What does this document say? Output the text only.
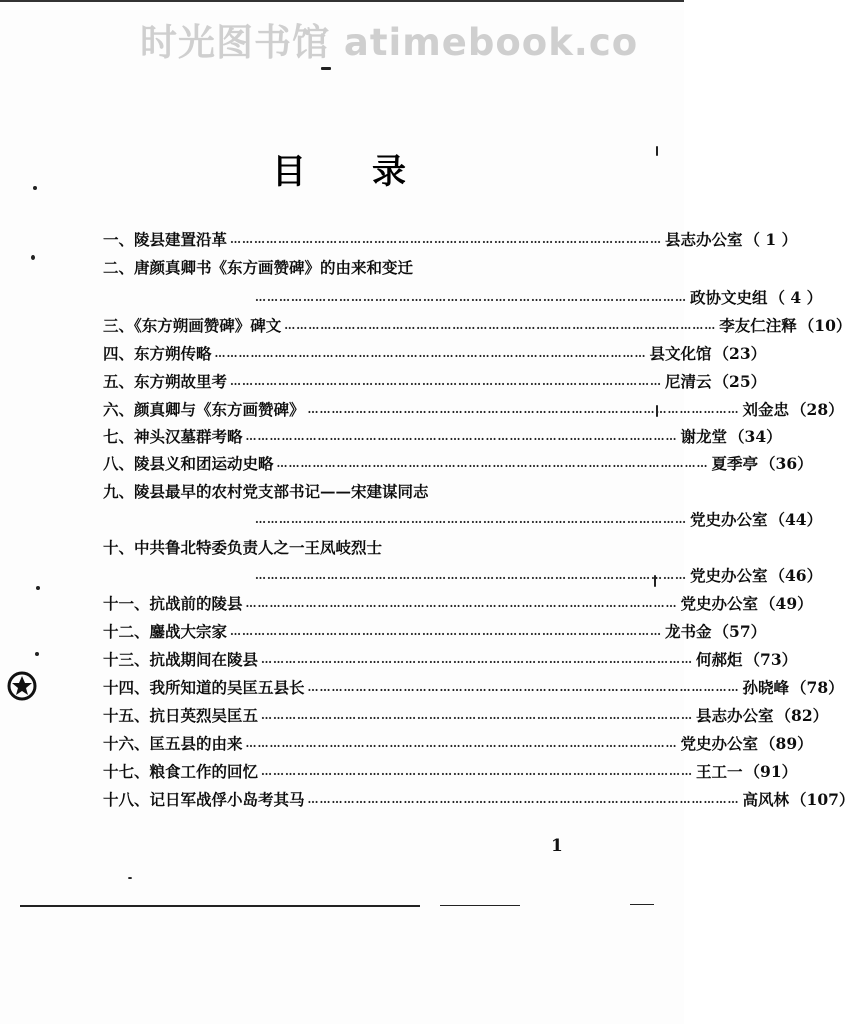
时光图书馆 atimebook.co
目录
一、陵县建置沿革 ……………………………………………………………………………………………… 县志办公室 （ 1 ）
二、唐颜真卿书《东方画赞碑》的由来和变迁
……………………………………………………………………………………………… 政协文史组 （ 4 ）
三、《东方朔画赞碑》碑文 ……………………………………………………………………………………………… 李友仁注释 （10）
四、东方朔传略 ……………………………………………………………………………………………… 县文化馆 （23）
五、东方朔故里考 ……………………………………………………………………………………………… 尼清云 （25）
六、颜真卿与《东方画赞碑》 ……………………………………………………………………………………………… 刘金忠 （28）
七、神头汉墓群考略 ……………………………………………………………………………………………… 谢龙堂 （34）
八、陵县义和团运动史略 ……………………………………………………………………………………………… 夏季亭 （36）
九、陵县最早的农村党支部书记——宋建谋同志
……………………………………………………………………………………………… 党史办公室 （44）
十、中共鲁北特委负责人之一王凤岐烈士
……………………………………………………………………………………………… 党史办公室 （46）
十一、抗战前的陵县 ……………………………………………………………………………………………… 党史办公室 （49）
十二、鏖战大宗家 ……………………………………………………………………………………………… 龙书金 （57）
十三、抗战期间在陵县 ……………………………………………………………………………………………… 何郝炬 （73）
十四、我所知道的吴匡五县长 ……………………………………………………………………………………………… 孙晓峰 （78）
十五、抗日英烈吴匡五 ……………………………………………………………………………………………… 县志办公室 （82）
十六、匡五县的由来 ……………………………………………………………………………………………… 党史办公室 （89）
十七、粮食工作的回忆 ……………………………………………………………………………………………… 王工一 （91）
十八、记日军战俘小岛考其马 ……………………………………………………………………………………………… 高风林 （107）
1
